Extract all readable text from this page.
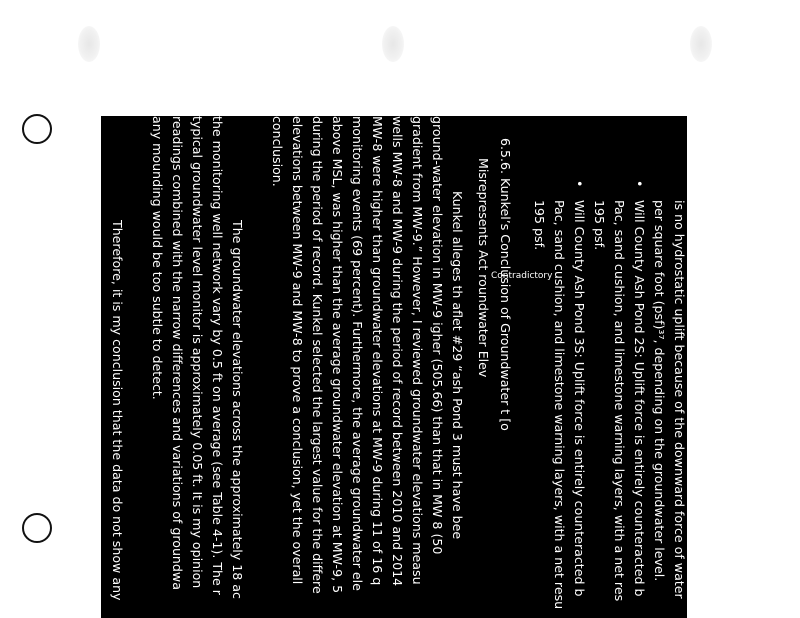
is no hydrostatic uplift because of the downward force of water
per square foot (psf)³⁷, depending on the groundwater level.
• Will County Ash Pond 2S: Uplift force is entirely counteracted b
Pac, sand cushion, and limestone warning layers, with a net res
195 psf.
• Will County Ash Pond 3S: Uplift force is entirely counteracted b
Pac, sand cushion, and limestone warning layers, with a net resu
195 psf.
6.5.6. Kunkel’s Conclusion of Groundwater t [o
Misrepresents Act roundwater Elev
Kunkel alleges th aflet #29 “ash Pond 3 must have bee
ground-water elevation in MW-9 igher (505.66) than that in MW 8 (50
gradient from MW-9.” However, I reviewed groundwater elevations measu
wells MW-8 and MW-9 during the period of record between 2010 and 2014
MW-8 were higher than groundwater elevations at MW-9 during 11 of 16 q
monitoring events (69 percent). Furthermore, the average groundwater ele
above MSL, was higher than the average groundwater elevation at MW-9, 5
during the period of record. Kunkel selected the largest value for the differe
elevations between MW-9 and MW-8 to prove a conclusion, yet the overall
conclusion.
The groundwater elevations across the approximately 18 ac
the monitoring well network vary by 0.5 ft on average (see Table 4-1). The r
typical groundwater level monitor is approximately 0.05 ft. It is my opinion
readings combined with the narrow differences and variations of groundwa
any mounding would be too subtle to detect.
Therefore, it is my conclusion that the data do not show any	Contradictory
